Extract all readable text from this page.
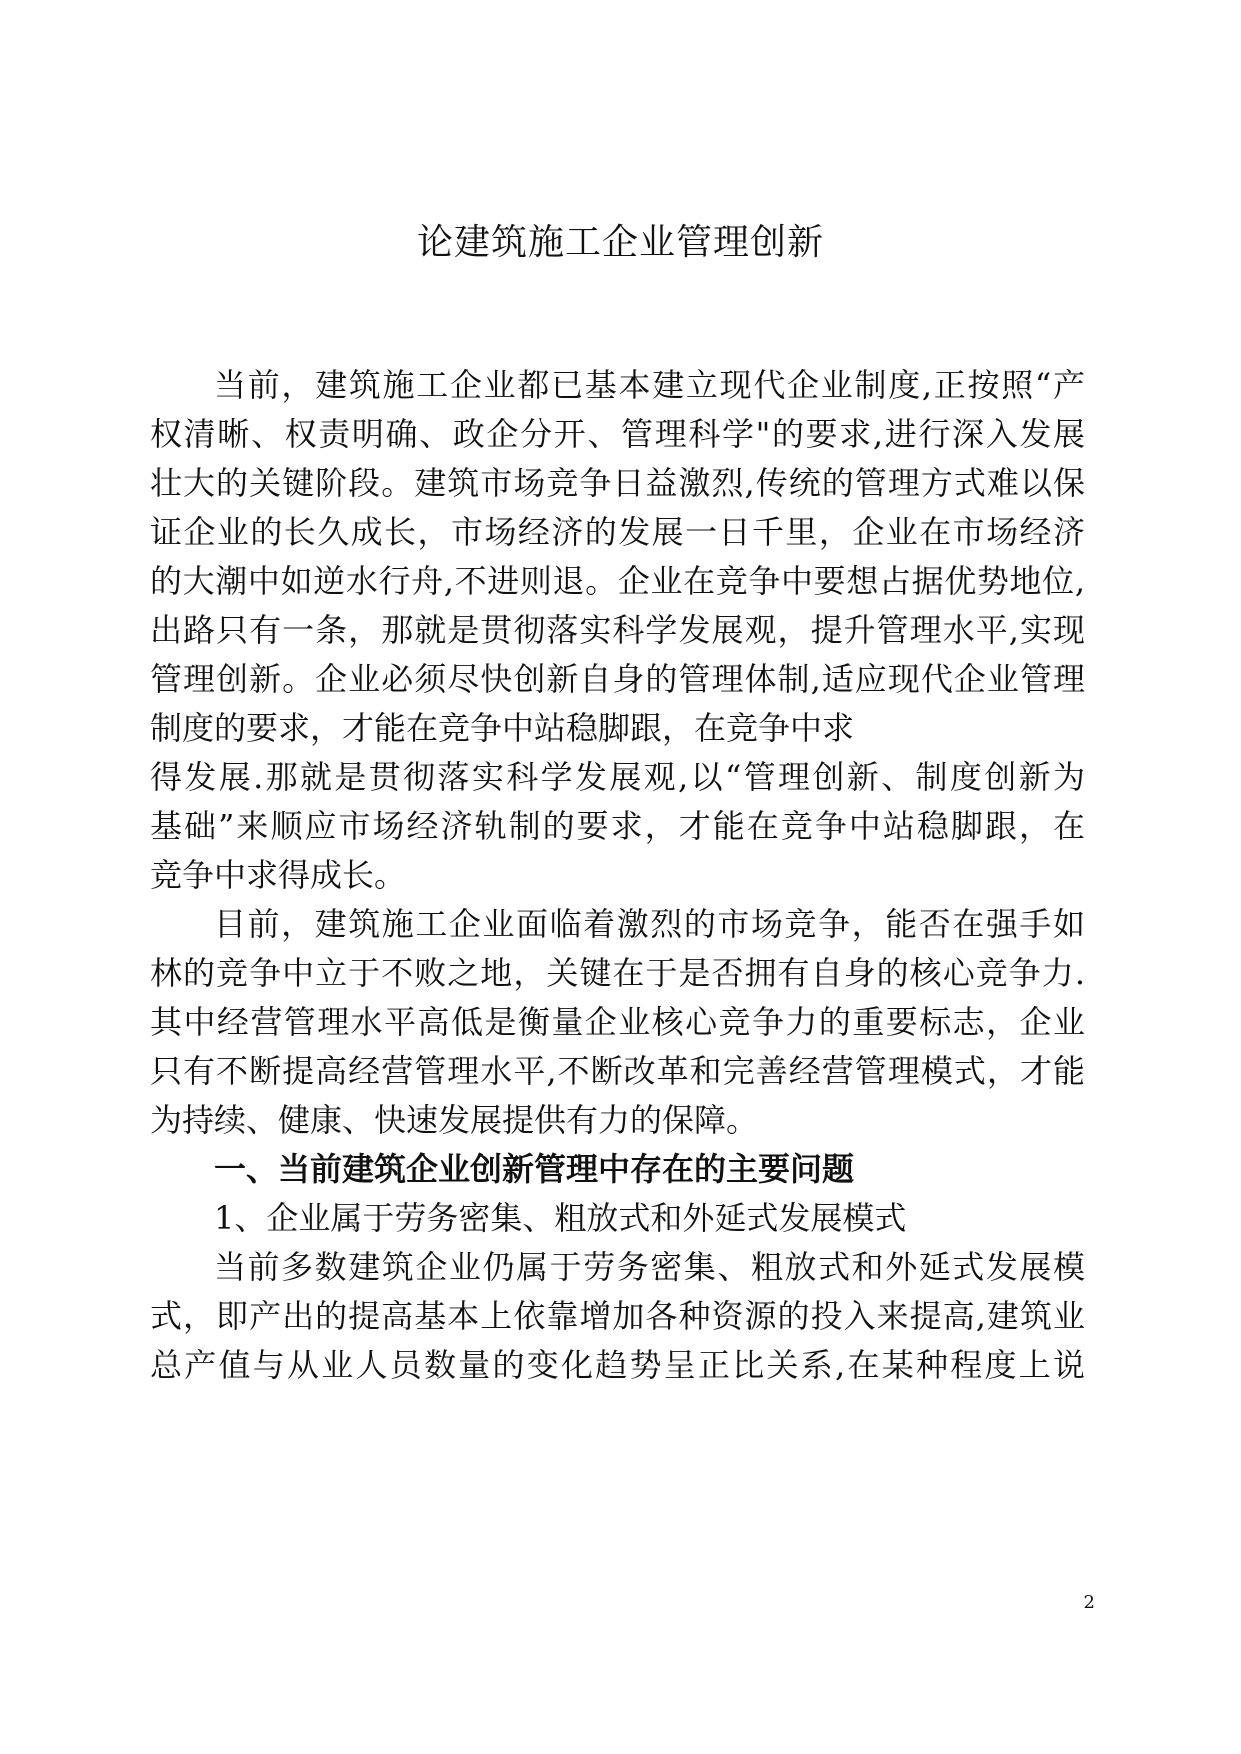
论建筑施工企业管理创新
当前，建筑施工企业都已基本建立现代企业制度,正按照“产
权清晰、权责明确、政企分开、管理科学"的要求,进行深入发展
壮大的关键阶段。建筑市场竞争日益激烈,传统的管理方式难以保
证企业的长久成长，市场经济的发展一日千里，企业在市场经济
的大潮中如逆水行舟,不进则退。企业在竞争中要想占据优势地位,
出路只有一条，那就是贯彻落实科学发展观，提升管理水平,实现
管理创新。企业必须尽快创新自身的管理体制,适应现代企业管理
制度的要求，才能在竞争中站稳脚跟，在竞争中求
得发展.那就是贯彻落实科学发展观,以“管理创新、制度创新为
基础”来顺应市场经济轨制的要求，才能在竞争中站稳脚跟，在
竞争中求得成长。
目前，建筑施工企业面临着激烈的市场竞争，能否在强手如
林的竞争中立于不败之地，关键在于是否拥有自身的核心竞争力.
其中经营管理水平高低是衡量企业核心竞争力的重要标志，企业
只有不断提高经营管理水平,不断改革和完善经营管理模式，才能
为持续、健康、快速发展提供有力的保障。
一、当前建筑企业创新管理中存在的主要问题
1、企业属于劳务密集、粗放式和外延式发展模式
当前多数建筑企业仍属于劳务密集、粗放式和外延式发展模
式，即产出的提高基本上依靠增加各种资源的投入来提高,建筑业
总产值与从业人员数量的变化趋势呈正比关系,在某种程度上说
2
